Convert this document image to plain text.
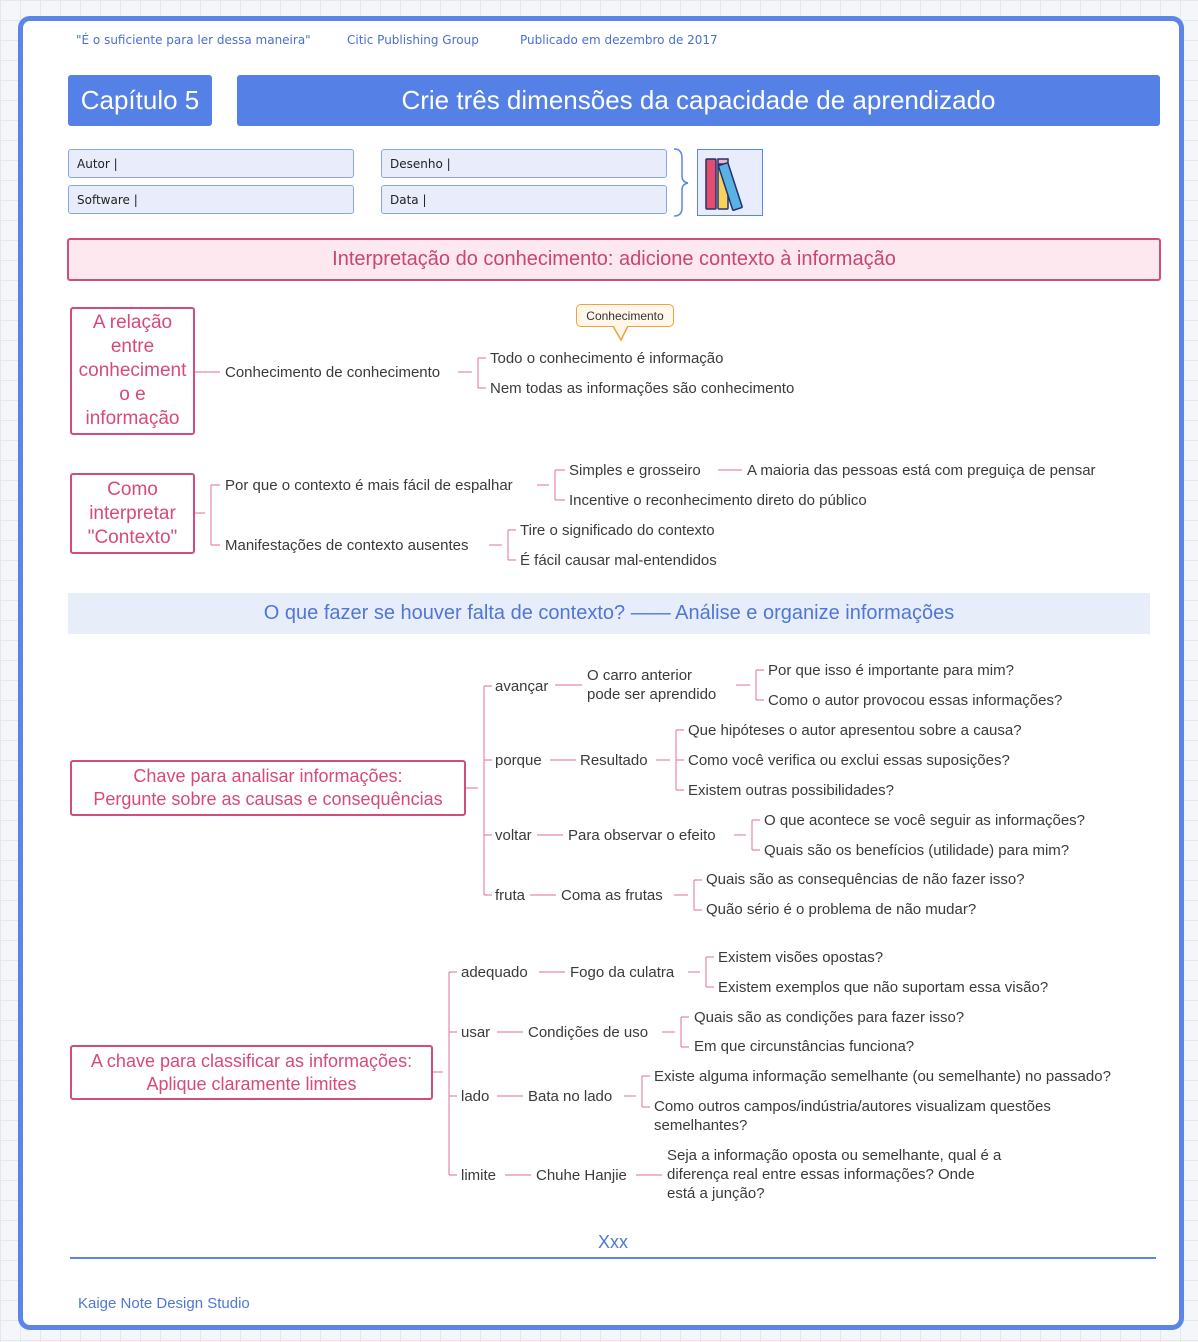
"É o suficiente para ler dessa maneira"	Citic Publishing Group	Publicado em dezembro de 2017
Capítulo 5	Crie três dimensões da capacidade de aprendizado
Autor |
Software |
Desenho |
Data |
Interpretação do conhecimento: adicione contexto à informação
A relação entre conheciment o e informação
Conhecimento de conhecimento
Todo o conhecimento é informação
Nem todas as informações são conhecimento
Conhecimento
Como interpretar "Contexto"
Por que o contexto é mais fácil de espalhar
Simples e grosseiro
Incentive o reconhecimento direto do público
A maioria das pessoas está com preguiça de pensar
Manifestações de contexto ausentes
Tire o significado do contexto
É fácil causar mal-entendidos
O que fazer se houver falta de contexto? —— Análise e organize informações
Chave para analisar informações:
Pergunte sobre as causas e consequências
avançar
O carro anterior
pode ser aprendido
Por que isso é importante para mim?
Como o autor provocou essas informações?
porque	Resultado
Que hipóteses o autor apresentou sobre a causa?
Como você verifica ou exclui essas suposições?
Existem outras possibilidades?
voltar Para observar o efeito
O que acontece se você seguir as informações?
Quais são os benefícios (utilidade) para mim?
fruta Coma as frutas
Quais são as consequências de não fazer isso?
Quão sério é o problema de não mudar?
A chave para classificar as informações:
Aplique claramente limites
adequado	Fogo da culatra
Existem visões opostas?
Existem exemplos que não suportam essa visão?
usar	Condições de uso
Quais são as condições para fazer isso?
Em que circunstâncias funciona?
lado	Bata no lado
Existe alguma informação semelhante (ou semelhante) no passado?
Como outros campos/indústria/autores visualizam questões
semelhantes?
limite	Chuhe Hanjie
Seja a informação oposta ou semelhante, qual é a
diferença real entre essas informações? Onde
está a junção?
Xxx
Kaige Note Design Studio
